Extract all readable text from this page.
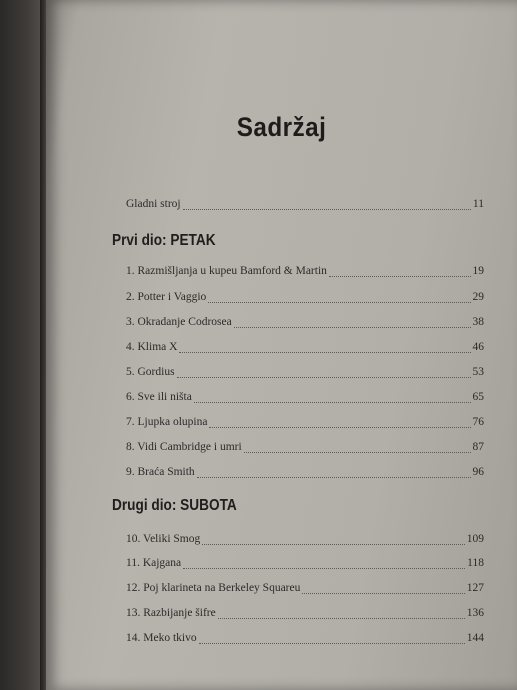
Sadržaj
Gladni stroj	11
Prvi dio: PETAK
1. Razmišljanja u kupeu Bamford & Martin	19
2. Potter i Vaggio	29
3. Okradanje Codrosea	38
4. Klima X	46
5. Gordius	53
6. Sve ili ništa	65
7. Ljupka olupina	76
8. Vidi Cambridge i umri	87
9. Braća Smith	96
Drugi dio: SUBOTA
10. Veliki Smog	109
11. Kajgana	118
12. Poj klarineta na Berkeley Squareu	127
13. Razbijanje šifre	136
14. Meko tkivo	144
